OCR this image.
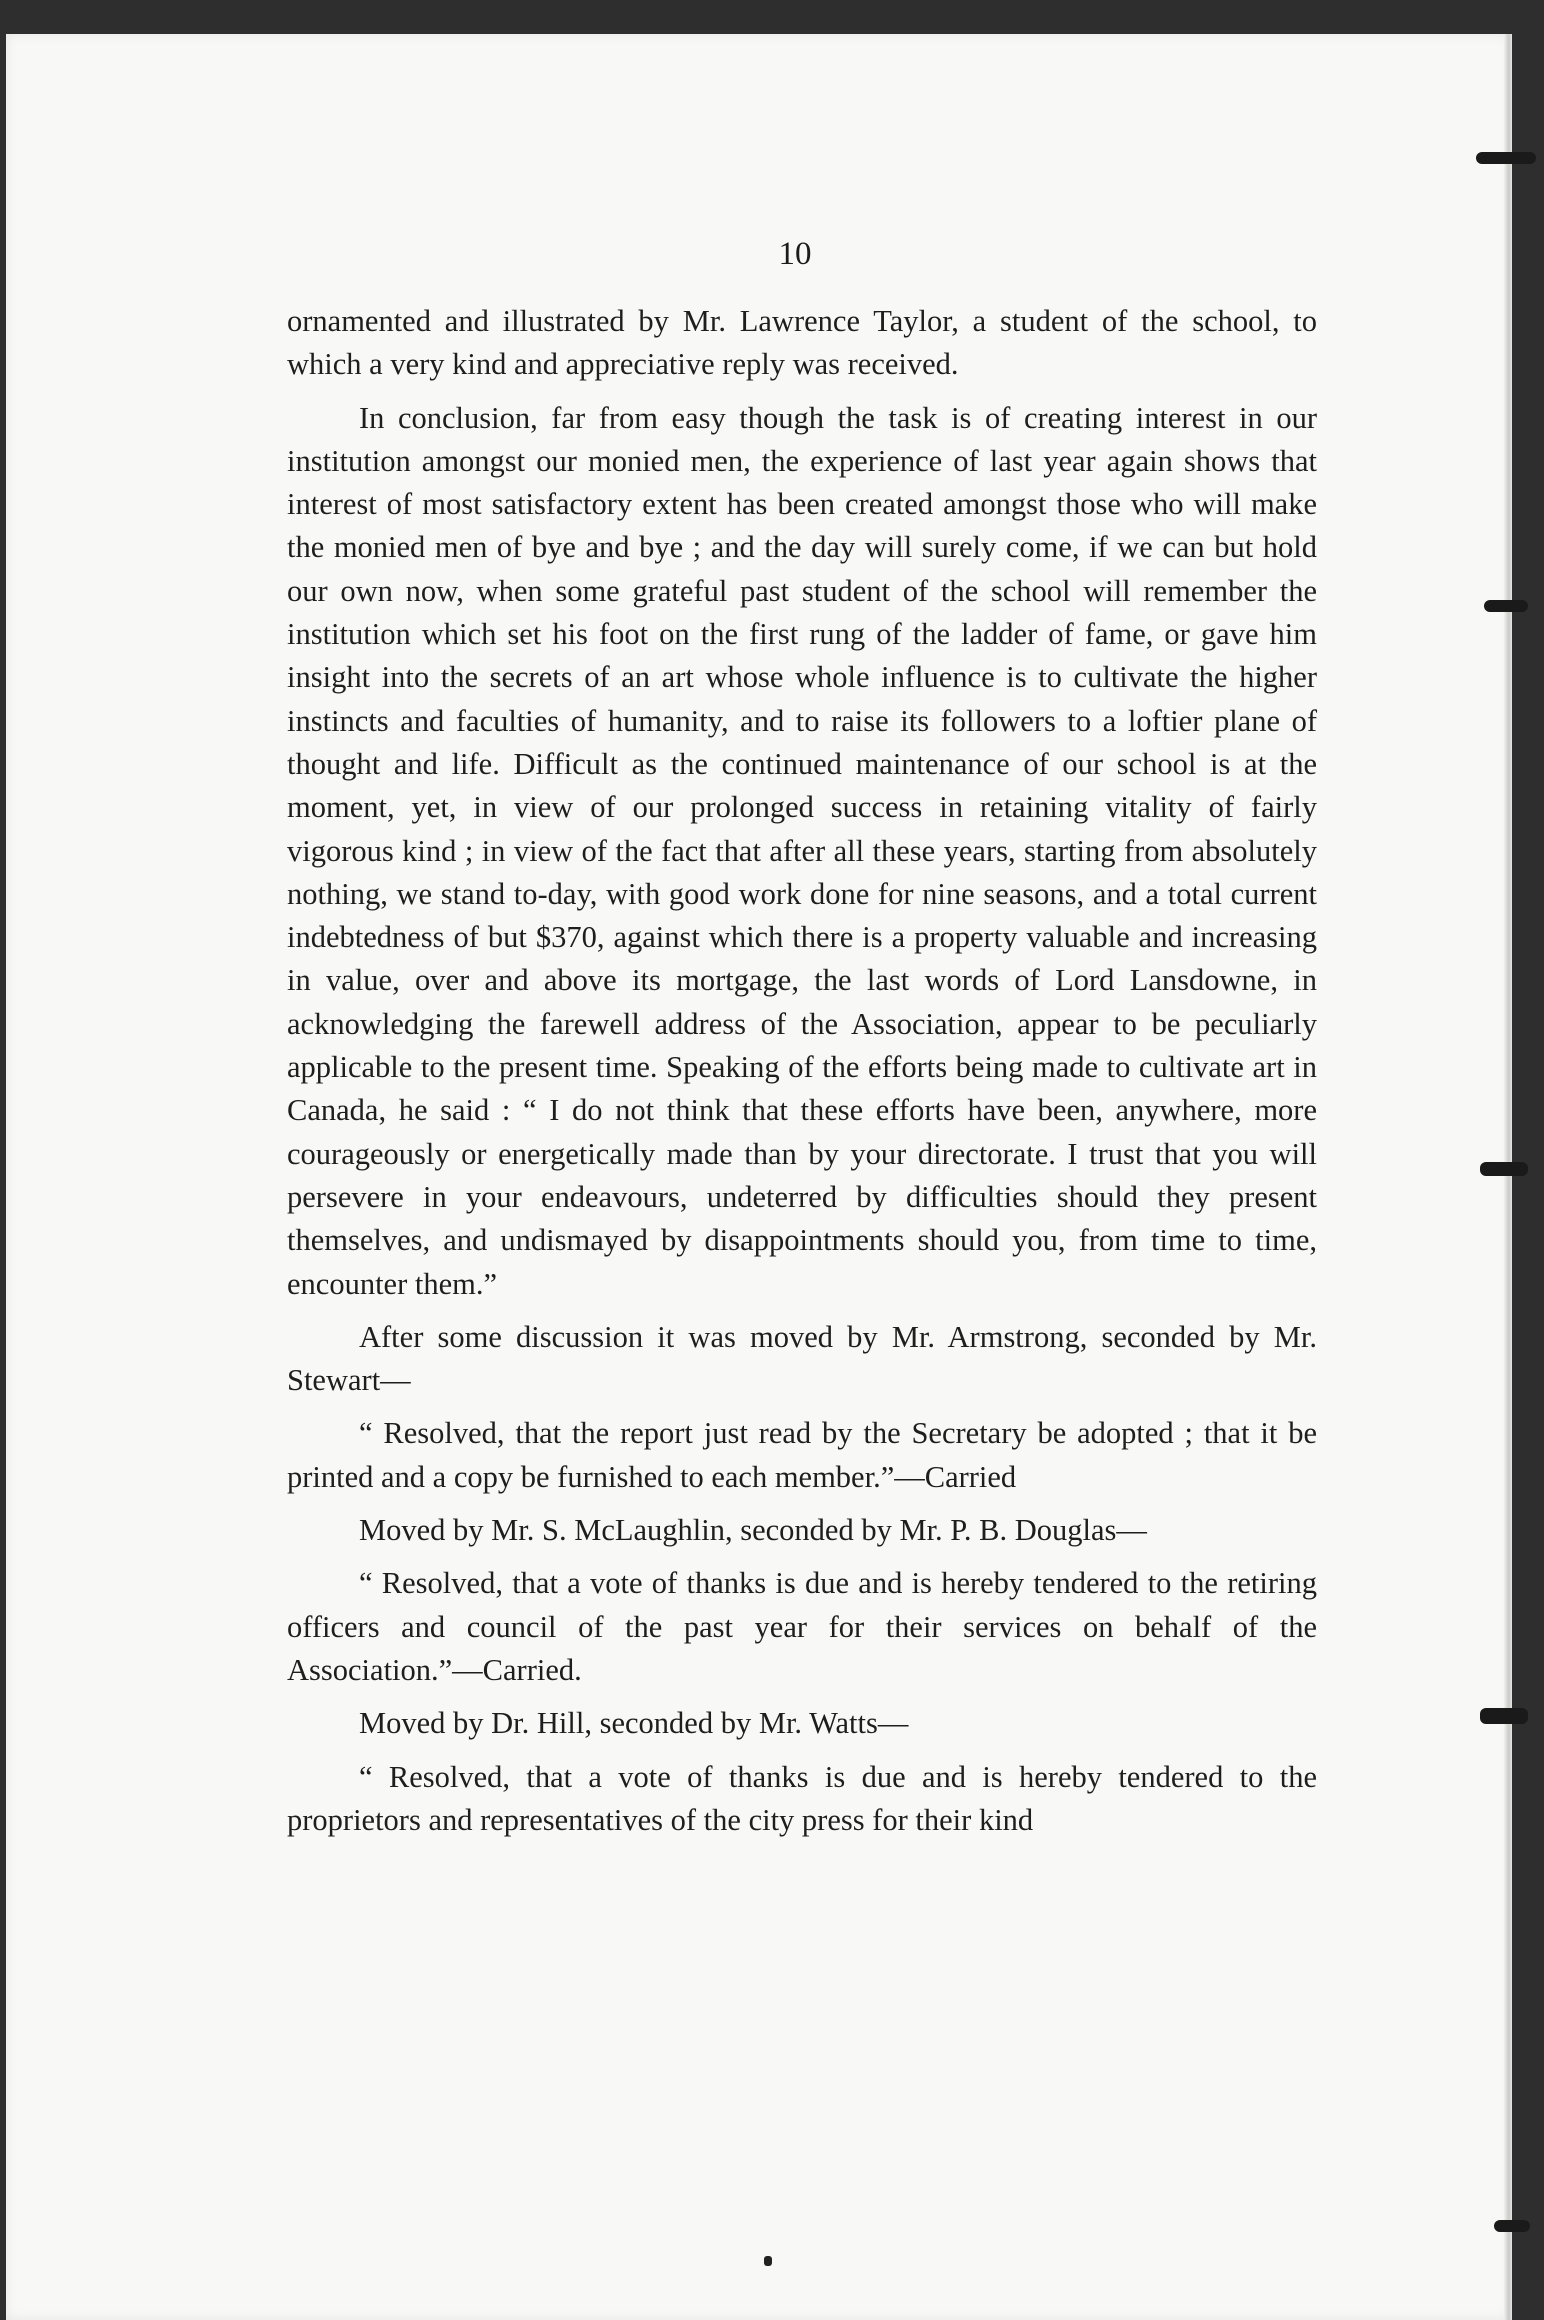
10

ornamented and illustrated by Mr. Lawrence Taylor, a student of the school, to which a very kind and appreciative reply was received.

In conclusion, far from easy though the task is of creating interest in our institution amongst our monied men, the experience of last year again shows that interest of most satisfactory extent has been created amongst those who will make the monied men of bye and bye ; and the day will surely come, if we can but hold our own now, when some grateful past student of the school will remember the institution which set his foot on the first rung of the ladder of fame, or gave him insight into the secrets of an art whose whole influence is to cultivate the higher instincts and faculties of humanity, and to raise its followers to a loftier plane of thought and life. Difficult as the continued maintenance of our school is at the moment, yet, in view of our prolonged success in retaining vitality of fairly vigorous kind ; in view of the fact that after all these years, starting from absolutely nothing, we stand to-day, with good work done for nine seasons, and a total current indebtedness of but $370, against which there is a property valuable and increasing in value, over and above its mortgage, the last words of Lord Lansdowne, in acknowledging the farewell address of the Association, appear to be peculiarly applicable to the present time. Speaking of the efforts being made to cultivate art in Canada, he said : “ I do not think that these efforts have been, anywhere, more courageously or energetically made than by your directorate. I trust that you will persevere in your endeavours, undeterred by difficulties should they present themselves, and undismayed by disappointments should you, from time to time, encounter them.”

After some discussion it was moved by Mr. Armstrong, seconded by Mr. Stewart—

“ Resolved, that the report just read by the Secretary be adopted ; that it be printed and a copy be furnished to each member.”—Carried

Moved by Mr. S. McLaughlin, seconded by Mr. P. B. Douglas—

“ Resolved, that a vote of thanks is due and is hereby tendered to the retiring officers and council of the past year for their services on behalf of the Association.”—Carried.

Moved by Dr. Hill, seconded by Mr. Watts—

“ Resolved, that a vote of thanks is due and is hereby tendered to the proprietors and representatives of the city press for their kind
